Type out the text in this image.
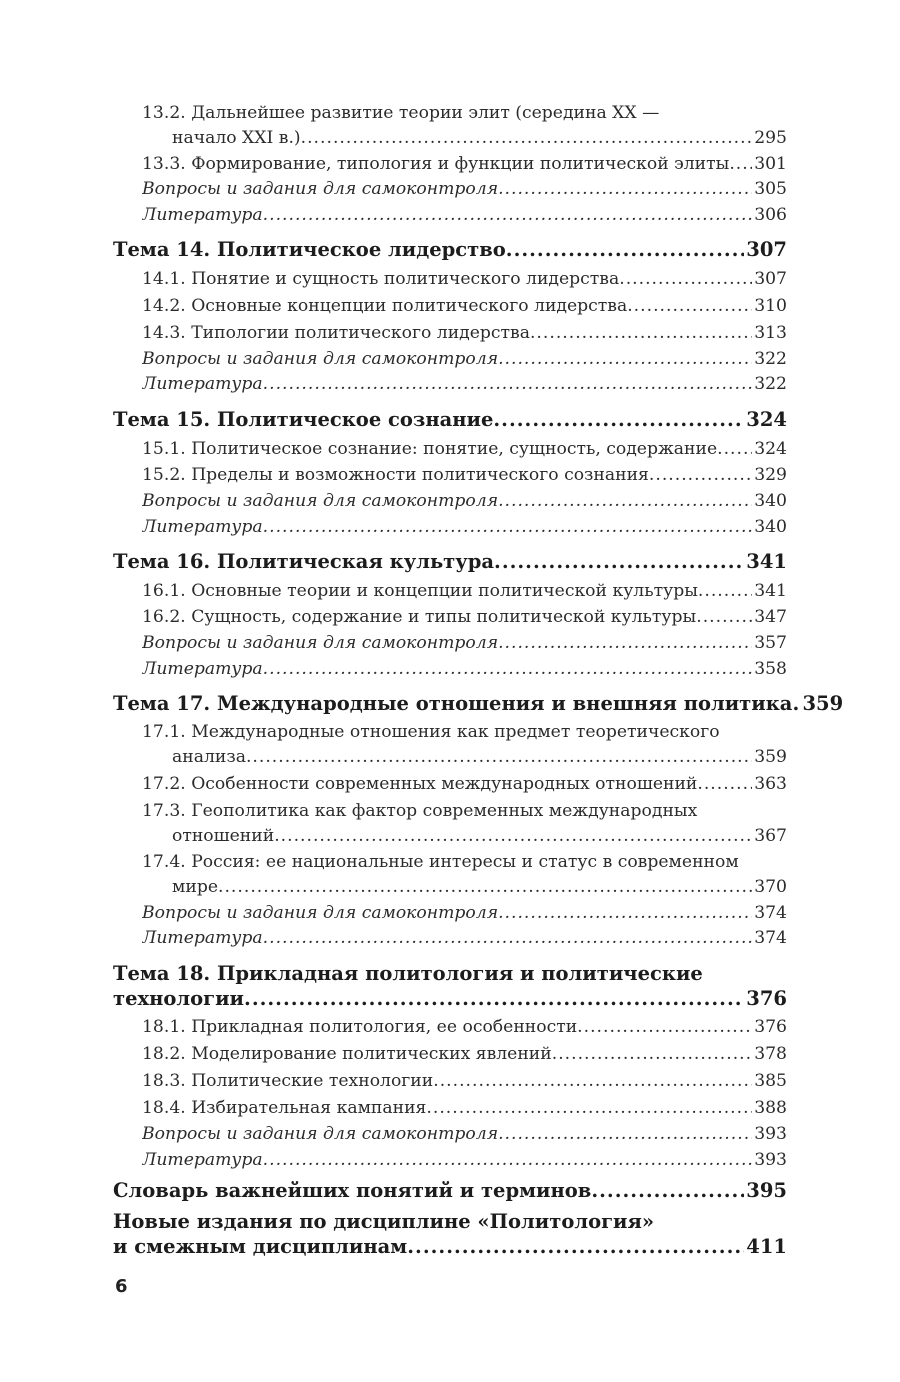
13.2. Дальнейшее развитие теории элит (середина XX —
начало XXI в.) .....	295
13.3. Формирование, типология и функции политической элиты ..... 301
Вопросы и задания для самоконтроля .....	305
Литература .....	306
Тема 14. Политическое лидерство .....	307
14.1. Понятие и сущность политического лидерства .....	307
14.2. Основные концепции политического лидерства .....	310
14.3. Типологии политического лидерства .....	313
Вопросы и задания для самоконтроля .....	322
Литература .....	322
Тема 15. Политическое сознание .....	324
15.1. Политическое сознание: понятие, сущность, содержание ..... 324
15.2. Пределы и возможности политического сознания .....	329
Вопросы и задания для самоконтроля .....	340
Литература .....	340
Тема 16. Политическая культура .....	341
16.1. Основные теории и концепции политической культуры .....	341
16.2. Сущность, содержание и типы политической культуры .....	347
Вопросы и задания для самоконтроля .....	357
Литература .....	358
Тема 17. Международные отношения и внешняя политика ..... 359
17.1. Международные отношения как предмет теоретического
анализа .....	359
17.2. Особенности современных международных отношений .....	363
17.3. Геополитика как фактор современных международных
отношений .....	367
17.4. Россия: ее национальные интересы и статус в современном
мире .....	370
Вопросы и задания для самоконтроля .....	374
Литература .....	374
Тема 18. Прикладная политология и политические
технологии .....	376
18.1. Прикладная политология, ее особенности .....	376
18.2. Моделирование политических явлений .....	378
18.3. Политические технологии .....	385
18.4. Избирательная кампания .....	388
Вопросы и задания для самоконтроля .....	393
Литература .....	393
Словарь важнейших понятий и терминов .....	395
Новые издания по дисциплине «Политология»
и смежным дисциплинам .....	411
6
